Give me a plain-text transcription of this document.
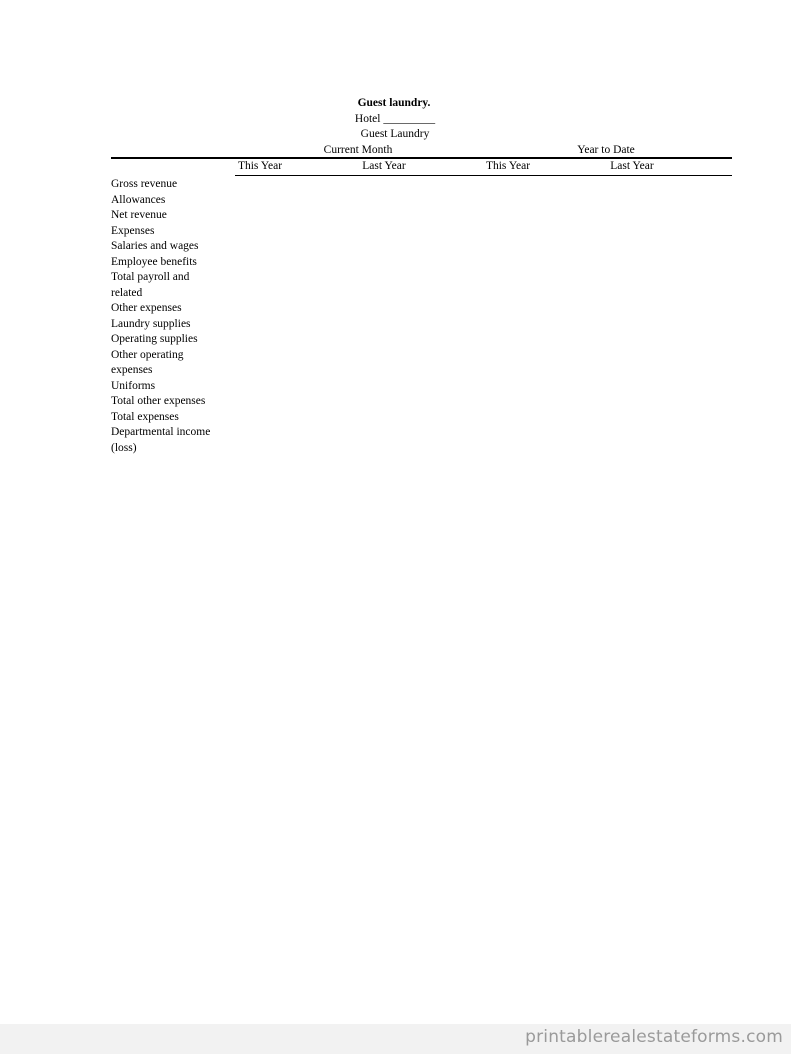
Guest laundry.
Hotel _________
Guest Laundry
Current Month	Year to Date
This Year	Last Year	This Year	Last Year
Gross revenue
Allowances
Net revenue
Expenses
Salaries and wages
Employee benefits
Total payroll and
related
Other expenses
Laundry supplies
Operating supplies
Other operating
expenses
Uniforms
Total other expenses
Total expenses
Departmental income
(loss)
printablerealestateforms.com
